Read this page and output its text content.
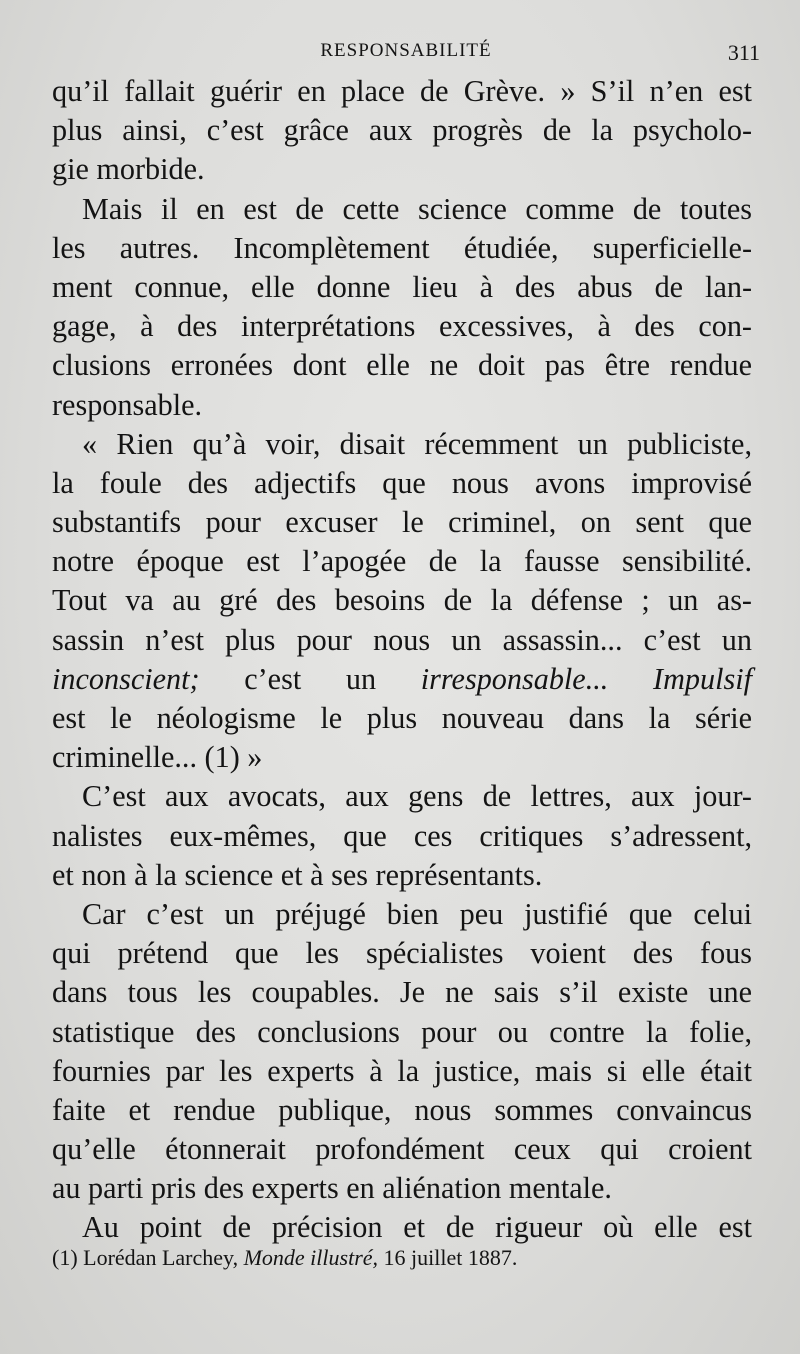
RESPONSABILITÉ	311
qu’il fallait guérir en place de Grève. » S’il n’en est
plus ainsi, c’est grâce aux progrès de la psycholo-
gie morbide.
Mais il en est de cette science comme de toutes
les autres. Incomplètement étudiée, superficielle-
ment connue, elle donne lieu à des abus de lan-
gage, à des interprétations excessives, à des con-
clusions erronées dont elle ne doit pas être rendue
responsable.
« Rien qu’à voir, disait récemment un publiciste,
la foule des adjectifs que nous avons improvisé
substantifs pour excuser le criminel, on sent que
notre époque est l’apogée de la fausse sensibilité.
Tout va au gré des besoins de la défense ; un as-
sassin n’est plus pour nous un assassin... c’est un
inconscient; c’est un irresponsable... Impulsif
est le néologisme le plus nouveau dans la série
criminelle... (1) »
C’est aux avocats, aux gens de lettres, aux jour-
nalistes eux-mêmes, que ces critiques s’adressent,
et non à la science et à ses représentants.
Car c’est un préjugé bien peu justifié que celui
qui prétend que les spécialistes voient des fous
dans tous les coupables. Je ne sais s’il existe une
statistique des conclusions pour ou contre la folie,
fournies par les experts à la justice, mais si elle était
faite et rendue publique, nous sommes convaincus
qu’elle étonnerait profondément ceux qui croient
au parti pris des experts en aliénation mentale.
Au point de précision et de rigueur où elle est
(1) Lorédan Larchey, Monde illustré, 16 juillet 1887.
